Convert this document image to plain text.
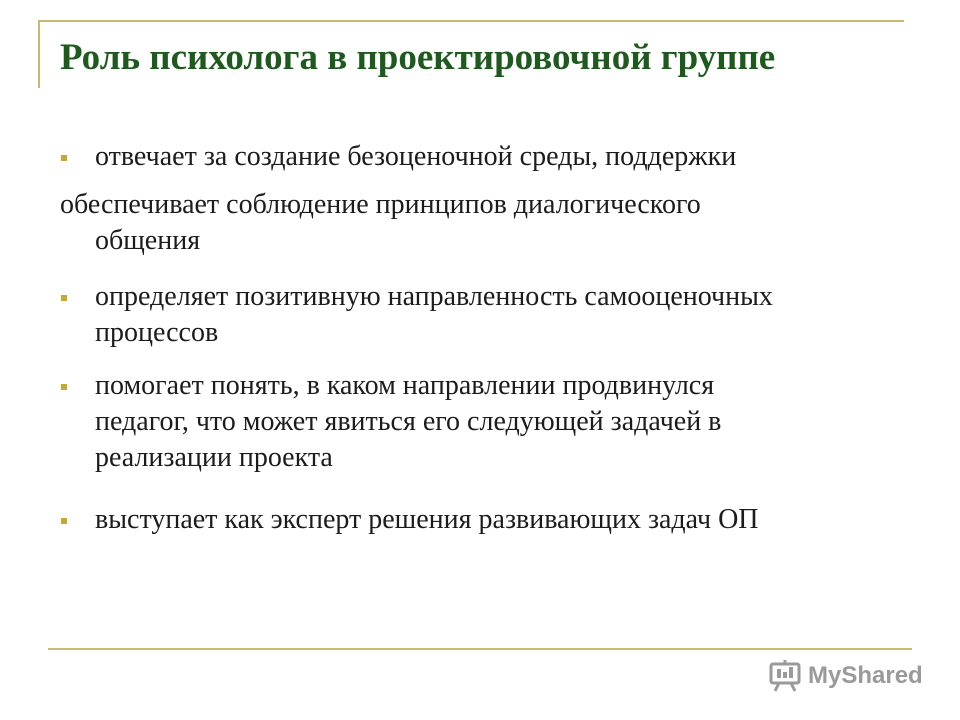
Роль психолога в проектировочной группе
отвечает за создание безоценочной среды, поддержки
обеспечивает соблюдение принципов диалогического
общения
определяет позитивную направленность самооценочных
процессов
помогает понять, в каком направлении продвинулся
педагог, что может явиться его следующей задачей в
реализации проекта
выступает как эксперт решения развивающих задач ОП
MyShared
